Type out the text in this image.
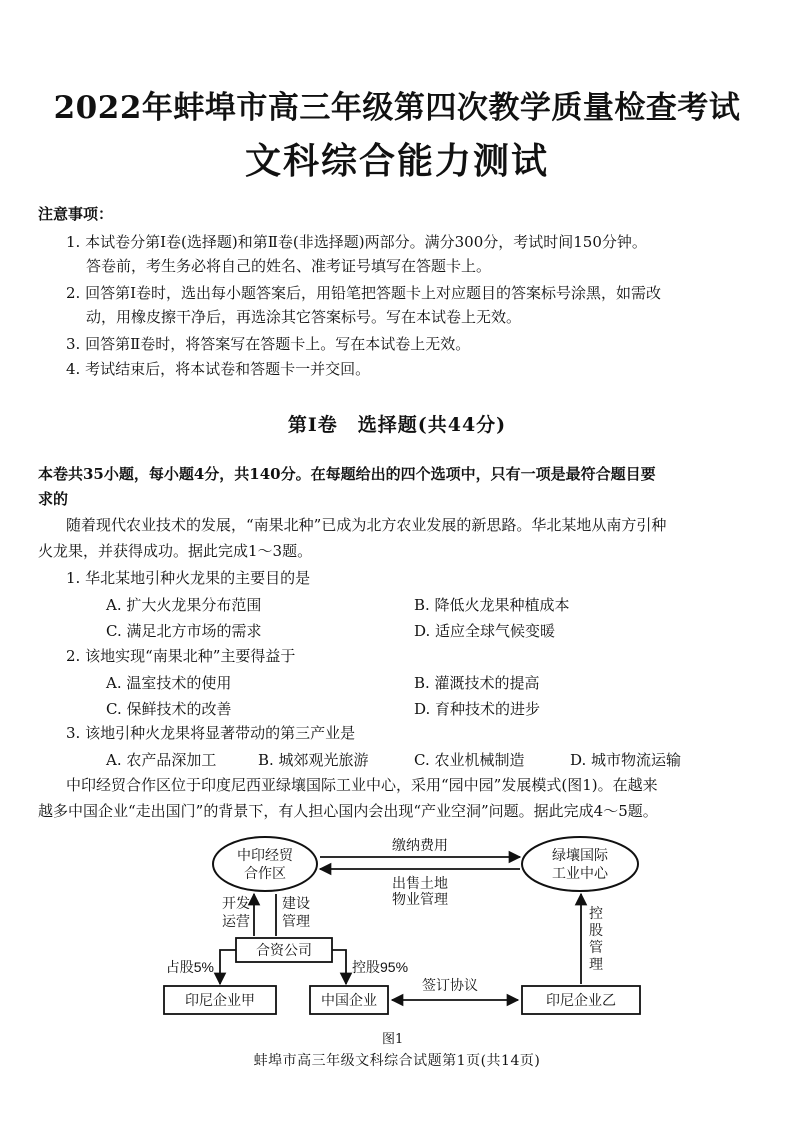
2022年蚌埠市高三年级第四次教学质量检查考试
文科综合能力测试
注意事项：
1. 本试卷分第Ⅰ卷(选择题)和第Ⅱ卷(非选择题)两部分。满分300分，考试时间150分钟。
答卷前，考生务必将自己的姓名、准考证号填写在答题卡上。
2. 回答第Ⅰ卷时，选出每小题答案后，用铅笔把答题卡上对应题目的答案标号涂黑，如需改
动，用橡皮擦干净后，再选涂其它答案标号。写在本试卷上无效。
3. 回答第Ⅱ卷时，将答案写在答题卡上。写在本试卷上无效。
4. 考试结束后，将本试卷和答题卡一并交回。
第Ⅰ卷　选择题(共44分)
本卷共35小题，每小题4分，共140分。在每题给出的四个选项中，只有一项是最符合题目要
求的
随着现代农业技术的发展，“南果北种”已成为北方农业发展的新思路。华北某地从南方引种
火龙果，并获得成功。据此完成1～3题。
1. 华北某地引种火龙果的主要目的是
A. 扩大火龙果分布范围	B. 降低火龙果种植成本
C. 满足北方市场的需求	D. 适应全球气候变暖
2. 该地实现“南果北种”主要得益于
A. 温室技术的使用	B. 灌溉技术的提高
C. 保鲜技术的改善	D. 育种技术的进步
3. 该地引种火龙果将显著带动的第三产业是
A. 农产品深加工	B. 城郊观光旅游	C. 农业机械制造	D. 城市物流运输
中印经贸合作区位于印度尼西亚绿壤国际工业中心，采用“园中园”发展模式(图1)。在越来
越多中国企业“走出国门”的背景下，有人担心国内会出现“产业空洞”问题。据此完成4～5题。
中印经贸
合作区
绿壤国际
工业中心
缴纳费用
出售土地
物业管理
开发
运营
建设
管理
合资公司
占股5%	控股95%
印尼企业甲	中国企业	印尼企业乙
签订协议
控
股
管
理
图1
蚌埠市高三年级文科综合试题第1页(共14页)
